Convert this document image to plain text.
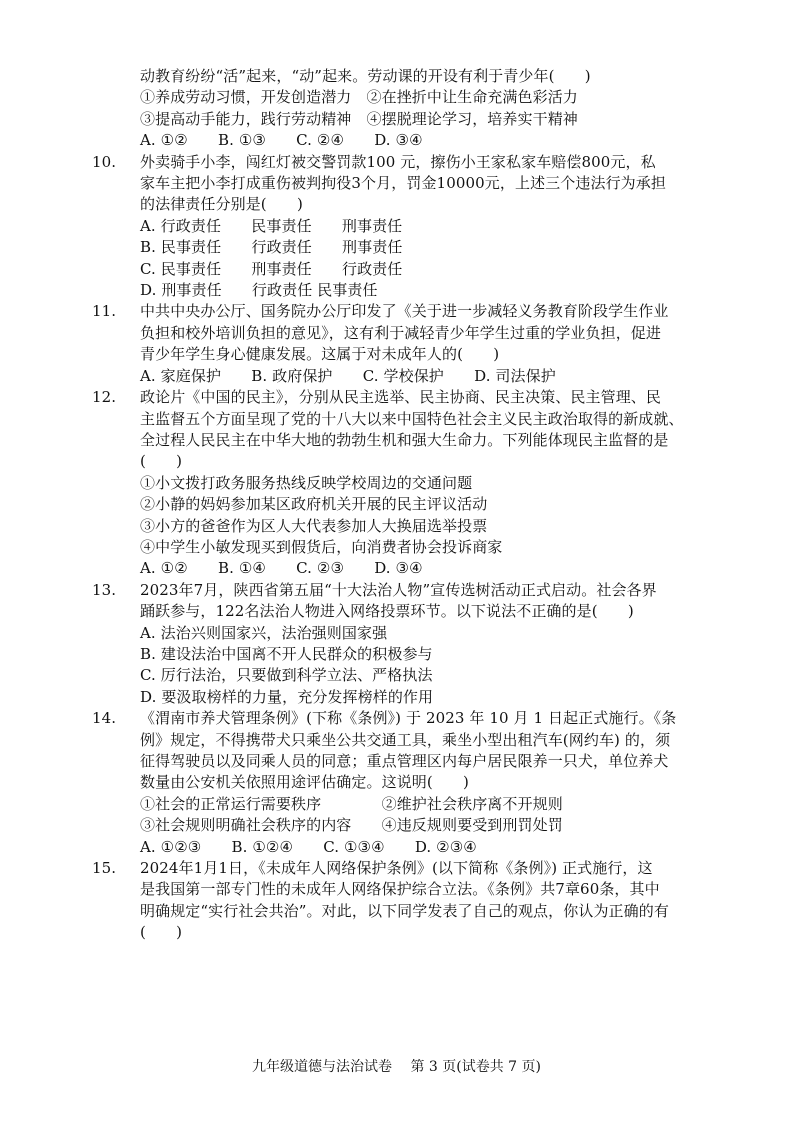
动教育纷纷“活”起来，“动”起来。劳动课的开设有利于青少年(　　)
①养成劳动习惯，开发创造潜力　②在挫折中让生命充满色彩活力
③提高动手能力，践行劳动精神　④摆脱理论学习，培养实干精神
A. ①②　　B. ①③　　C. ②④　　D. ③④
10.	外卖骑手小李，闯红灯被交警罚款100 元，擦伤小王家私家车赔偿800元，私
家车主把小李打成重伤被判拘役3个月，罚金10000元，上述三个违法行为承担
的法律责任分别是(　　)
A. 行政责任　　民事责任　　刑事责任
B. 民事责任　　行政责任　　刑事责任
C. 民事责任　　刑事责任　　行政责任
D. 刑事责任　　行政责任 民事责任
11.	中共中央办公厅、国务院办公厅印发了《关于进一步减轻义务教育阶段学生作业
负担和校外培训负担的意见》，这有利于减轻青少年学生过重的学业负担，促进
青少年学生身心健康发展。这属于对未成年人的(　　)
A. 家庭保护　　B. 政府保护　　C. 学校保护　　D. 司法保护
12.	政论片《中国的民主》，分别从民主选举、民主协商、民主决策、民主管理、民
主监督五个方面呈现了党的十八大以来中国特色社会主义民主政治取得的新成就、
全过程人民民主在中华大地的勃勃生机和强大生命力。下列能体现民主监督的是
(　　)
①小文拨打政务服务热线反映学校周边的交通问题
②小静的妈妈参加某区政府机关开展的民主评议活动
③小方的爸爸作为区人大代表参加人大换届选举投票
④中学生小敏发现买到假货后，向消费者协会投诉商家
A. ①②　　B. ①④　　C. ②③　　D. ③④
13.	2023年7月，陕西省第五届“十大法治人物”宣传选树活动正式启动。社会各界
踊跃参与，122名法治人物进入网络投票环节。以下说法不正确的是(　　)
A. 法治兴则国家兴，法治强则国家强
B. 建设法治中国离不开人民群众的积极参与
C. 厉行法治，只要做到科学立法、严格执法
D. 要汲取榜样的力量，充分发挥榜样的作用
14.	《渭南市养犬管理条例》(下称《条例》) 于 2023 年 10 月 1 日起正式施行。《条
例》规定，不得携带犬只乘坐公共交通工具，乘坐小型出租汽车(网约车) 的，须
征得驾驶员以及同乘人员的同意；重点管理区内每户居民限养一只犬，单位养犬
数量由公安机关依照用途评估确定。这说明(　　)
①社会的正常运行需要秩序　　　　②维护社会秩序离不开规则
③社会规则明确社会秩序的内容　　④违反规则要受到刑罚处罚
A. ①②③　　B. ①②④　　C. ①③④　　D. ②③④
15.	2024年1月1日，《未成年人网络保护条例》(以下简称《条例》) 正式施行，这
是我国第一部专门性的未成年人网络保护综合立法。《条例》共7章60条，其中
明确规定“实行社会共治”。对此，以下同学发表了自己的观点，你认为正确的有
(　　)
九年级道德与法治试卷　 第 3 页(试卷共 7 页)
